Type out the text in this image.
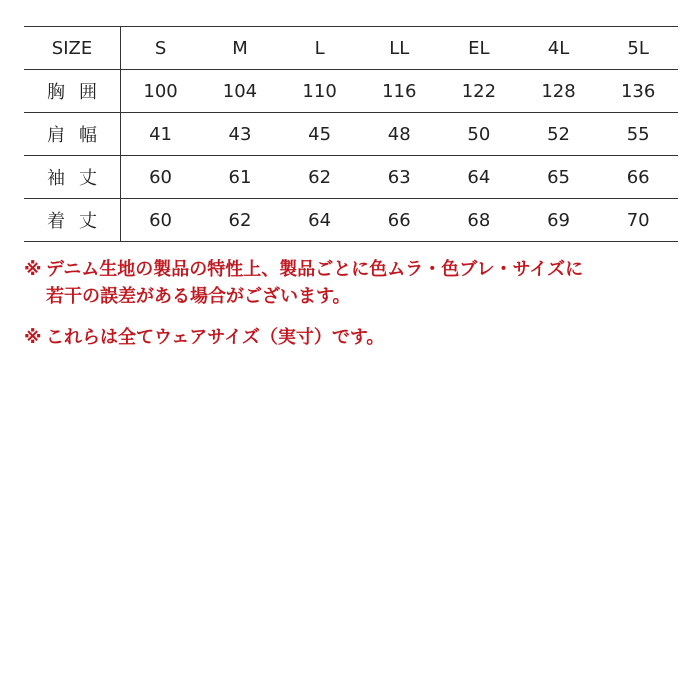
SIZE	S	M	L	LL	EL	4L	5L
胸囲	100	104	110	116	122	128	136
肩幅	41	43	45	48	50	52	55
袖丈	60	61	62	63	64	65	66
着丈	60	62	64	66	68	69	70

※ デニム生地の製品の特性上、製品ごとに色ムラ・色ブレ・サイズに
若干の誤差がある場合がございます。

※ これらは全てウェアサイズ（実寸）です。
